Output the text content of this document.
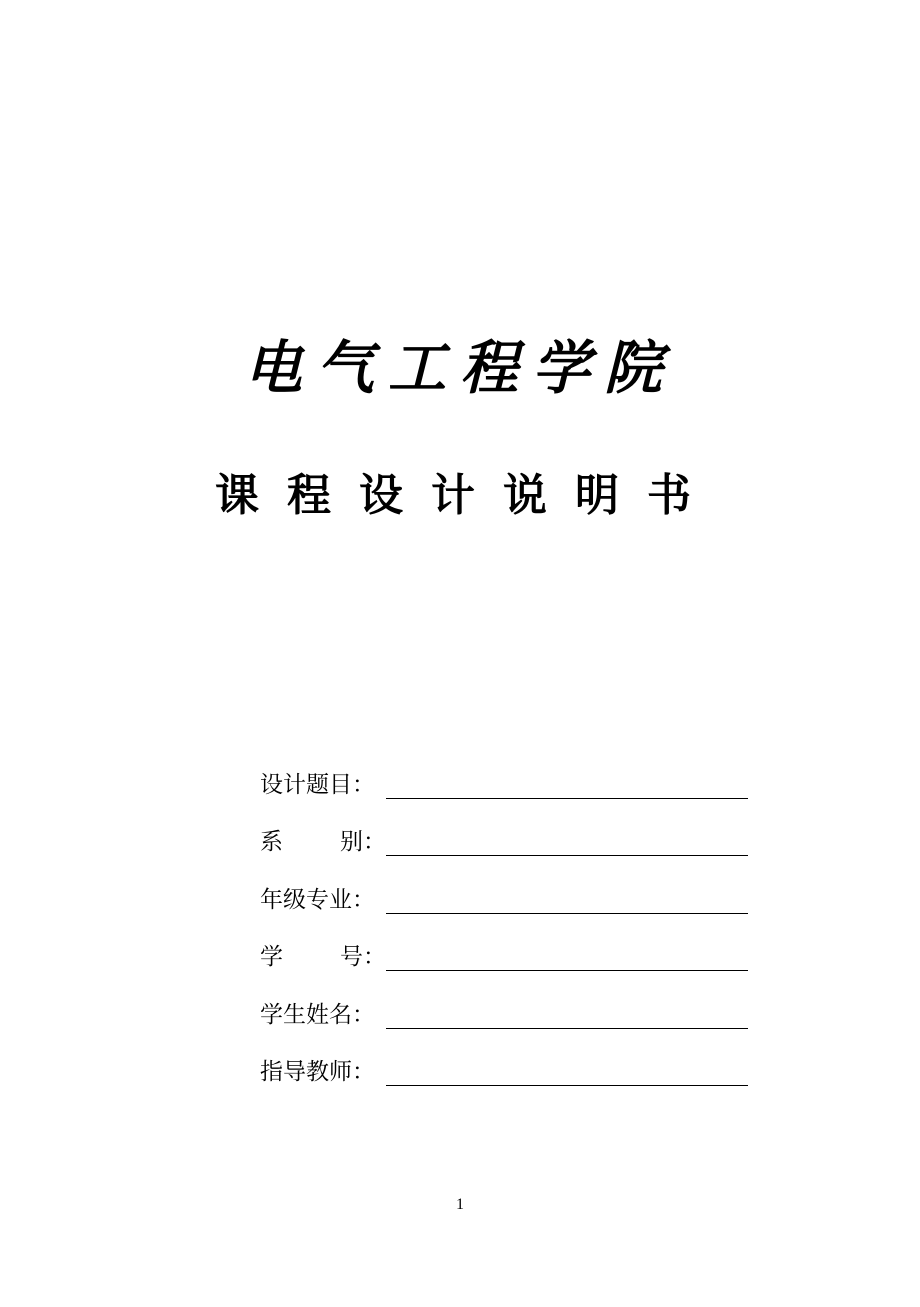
电气工程学院
课程设计说明书
设计题目：
系 别：
年级专业：
学 号：
学生姓名：
指导教师：
1
